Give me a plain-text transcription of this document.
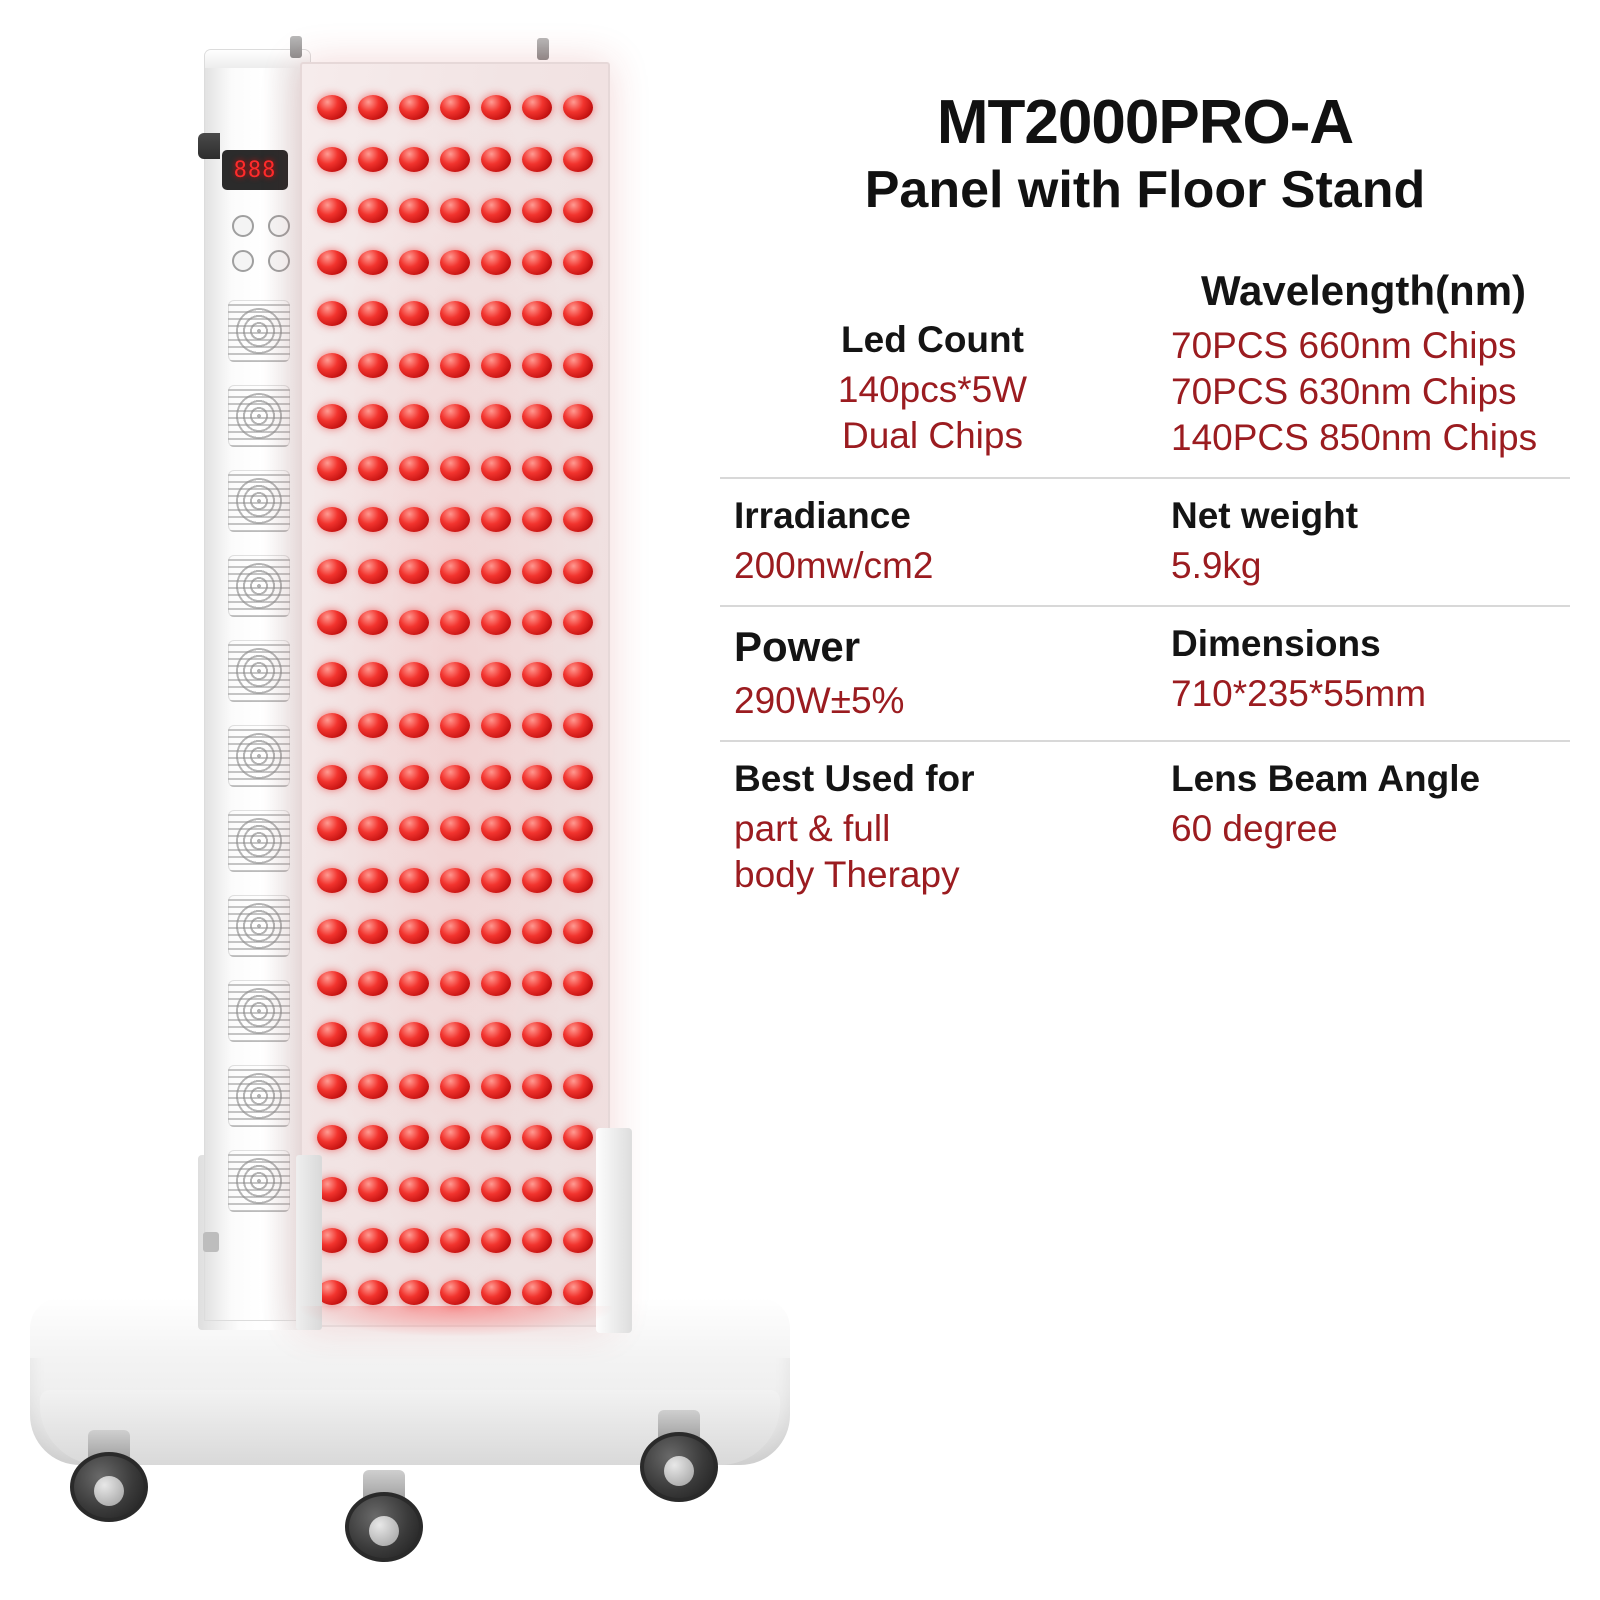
888
MT2000PRO-A
Panel with Floor Stand
Led Count
140pcs*5W
Dual Chips
Wavelength(nm)
70PCS 660nm Chips
70PCS 630nm Chips
140PCS 850nm Chips
Irradiance
200mw/cm2
Net weight
5.9kg
Power
290W±5%
Dimensions
710*235*55mm
Best Used for
part & full
body Therapy
Lens Beam Angle
60 degree
